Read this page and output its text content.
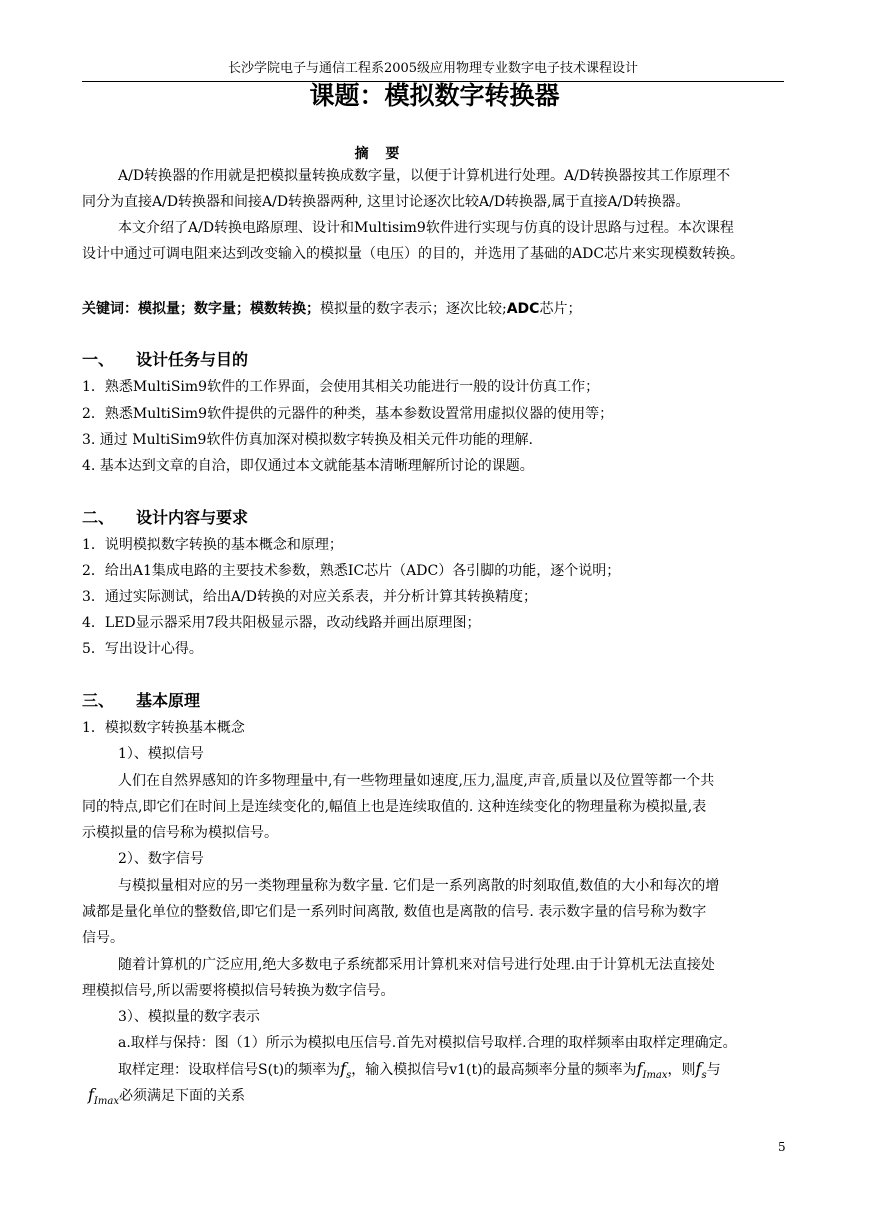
长沙学院电子与通信工程系2005级应用物理专业数字电子技术课程设计
课题：模拟数字转换器
摘 要
A/D转换器的作用就是把模拟量转换成数字量，以便于计算机进行处理。A/D转换器按其工作原理不
同分为直接A/D转换器和间接A/D转换器两种, 这里讨论逐次比较A/D转换器,属于直接A/D转换器。
本文介绍了A/D转换电路原理、设计和Multisim9软件进行实现与仿真的设计思路与过程。本次课程
设计中通过可调电阻来达到改变输入的模拟量（电压）的目的，并选用了基础的ADC芯片来实现模数转换。
关键词：模拟量；数字量；模数转换；模拟量的数字表示；逐次比较;ADC芯片；
一、 设计任务与目的
1．熟悉MultiSim9软件的工作界面，会使用其相关功能进行一般的设计仿真工作；
2．熟悉MultiSim9软件提供的元器件的种类，基本参数设置常用虚拟仪器的使用等；
3. 通过 MultiSim9软件仿真加深对模拟数字转换及相关元件功能的理解.
4. 基本达到文章的自洽，即仅通过本文就能基本清晰理解所讨论的课题。
二、 设计内容与要求
1．说明模拟数字转换的基本概念和原理；
2．给出A1集成电路的主要技术参数，熟悉IC芯片（ADC）各引脚的功能，逐个说明；
3．通过实际测试，给出A/D转换的对应关系表，并分析计算其转换精度；
4．LED显示器采用7段共阳极显示器，改动线路并画出原理图；
5．写出设计心得。
三、 基本原理
1．模拟数字转换基本概念
1）、模拟信号
人们在自然界感知的许多物理量中,有一些物理量如速度,压力,温度,声音,质量以及位置等都一个共
同的特点,即它们在时间上是连续变化的,幅值上也是连续取值的. 这种连续变化的物理量称为模拟量,表
示模拟量的信号称为模拟信号。
2）、数字信号
与模拟量相对应的另一类物理量称为数字量. 它们是一系列离散的时刻取值,数值的大小和每次的增
减都是量化单位的整数倍,即它们是一系列时间离散, 数值也是离散的信号. 表示数字量的信号称为数字
信号。
随着计算机的广泛应用,绝大多数电子系统都采用计算机来对信号进行处理.由于计算机无法直接处
理模拟信号,所以需要将模拟信号转换为数字信号。
3）、模拟量的数字表示
a.取样与保持：图（1）所示为模拟电压信号.首先对模拟信号取样.合理的取样频率由取样定理确定。
取样定理：设取样信号S(t)的频率为$f_s$，输入模拟信号v1(t)的最高频率分量的频率为$f_{Imax}$，则$f_s$与
$f_{Imax}$必须满足下面的关系
5
